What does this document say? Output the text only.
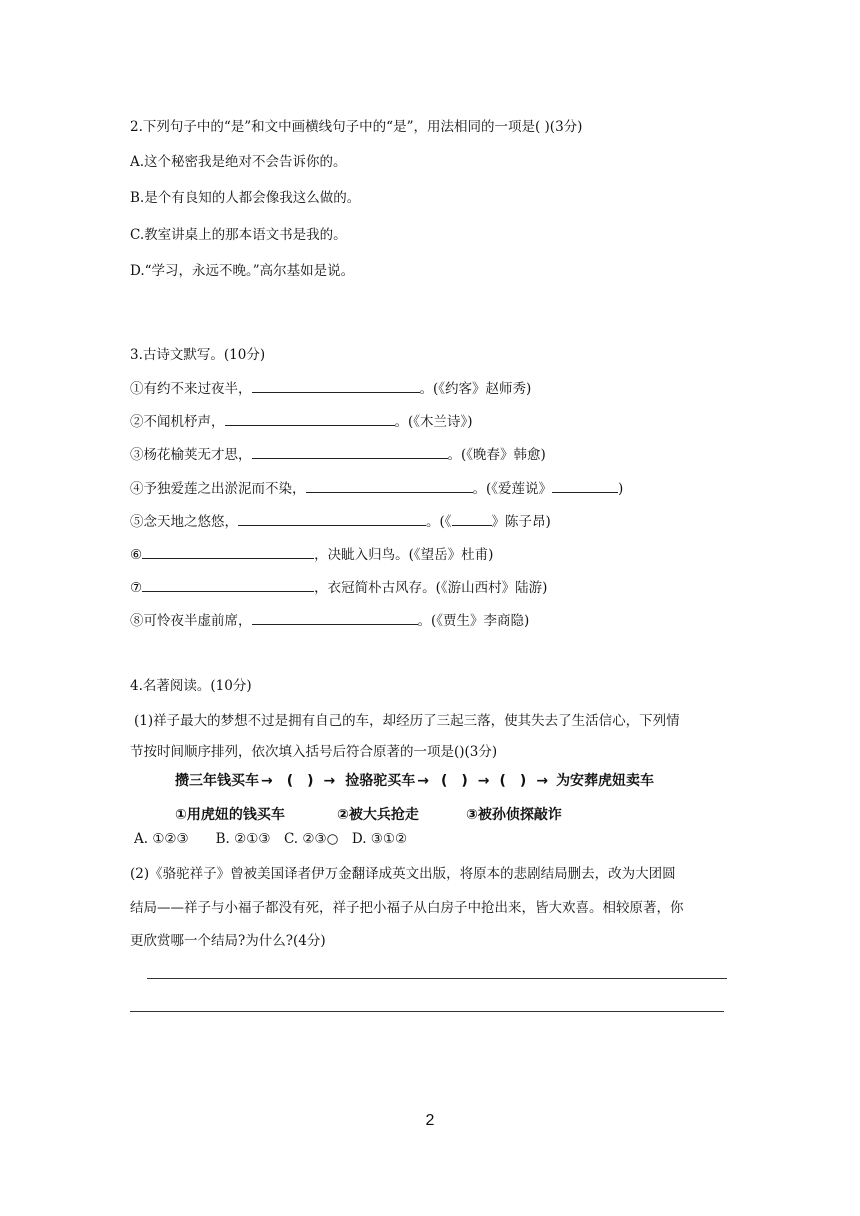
2.下列句子中的“是”和文中画横线句子中的“是”，用法相同的一项是( )(3分)
A.这个秘密我是绝对不会告诉你的。
B.是个有良知的人都会像我这么做的。
C.教室讲桌上的那本语文书是我的。
D.“学习，永远不晚。”高尔基如是说。
3.古诗文默写。(10分)
①有约不来过夜半，	。(《约客》赵师秀)
②不闻机杼声，	。(《木兰诗》)
③杨花榆荚无才思，	。(《晚春》韩愈)
④予独爱莲之出淤泥而不染，	。(《爱莲说》	)
⑤念天地之悠悠，	。(《	》陈子昂)
⑥	，决眦入归鸟。(《望岳》杜甫)
⑦	，衣冠简朴古风存。(《游山西村》陆游)
⑧可怜夜半虚前席，	。(《贾生》李商隐)
4.名著阅读。(10分)
(1)祥子最大的梦想不过是拥有自己的车，却经历了三起三落，使其失去了生活信心，下列情
节按时间顺序排列，依次填入括号后符合原著的一项是()(3分)
攒三年钱买车 → (　) → 捡骆驼买车 → (　) → (　) → 为安葬虎妞卖车
①用虎妞的钱买车	②被大兵抢走	③被孙侦探敲诈
A. ①②③　　B. ②①③　C. ②③○　D. ③①②
(2)《骆驼祥子》曾被美国译者伊万金翻译成英文出版，将原本的悲剧结局删去，改为大团圆
结局——祥子与小福子都没有死，祥子把小福子从白房子中抢出来，皆大欢喜。相较原著，你
更欣赏哪一个结局?为什么?(4分)
2
